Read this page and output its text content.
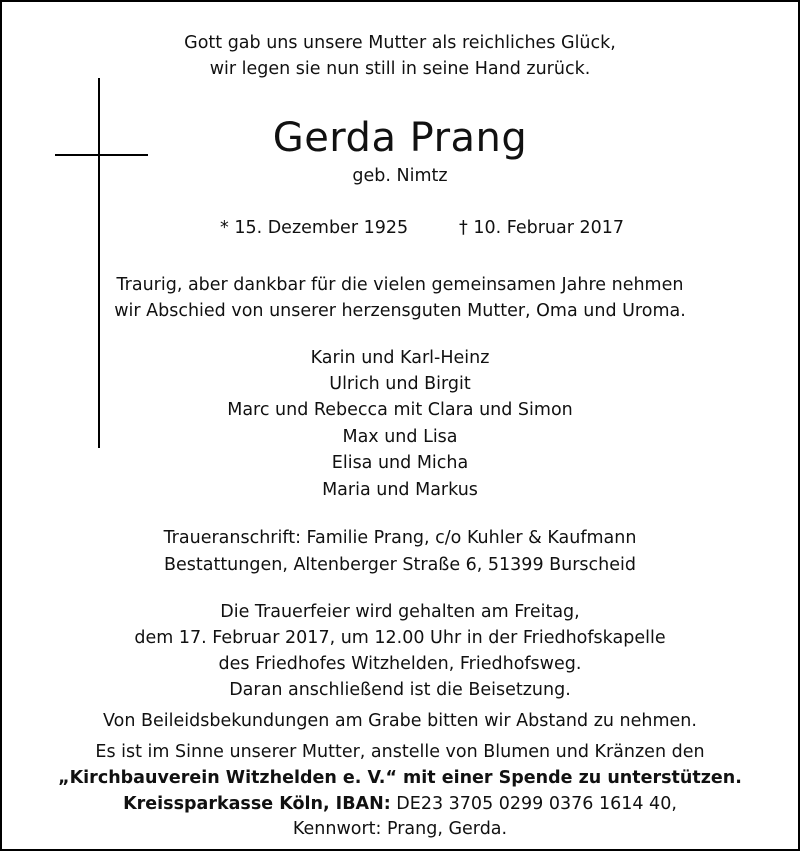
Gott gab uns unsere Mutter als reichliches Glück,
wir legen sie nun still in seine Hand zurück.
Gerda Prang
geb. Nimtz
* 15. Dezember 1925	† 10. Februar 2017
Traurig, aber dankbar für die vielen gemeinsamen Jahre nehmen
wir Abschied von unserer herzensguten Mutter, Oma und Uroma.
Karin und Karl-Heinz
Ulrich und Birgit
Marc und Rebecca mit Clara und Simon
Max und Lisa
Elisa und Micha
Maria und Markus
Traueranschrift: Familie Prang, c/o Kuhler & Kaufmann
Bestattungen, Altenberger Straße 6, 51399 Burscheid
Die Trauerfeier wird gehalten am Freitag,
dem 17. Februar 2017, um 12.00 Uhr in der Friedhofskapelle
des Friedhofes Witzhelden, Friedhofsweg.
Daran anschließend ist die Beisetzung.
Von Beileidsbekundungen am Grabe bitten wir Abstand zu nehmen.
Es ist im Sinne unserer Mutter, anstelle von Blumen und Kränzen den
„Kirchbauverein Witzhelden e. V.“ mit einer Spende zu unterstützen.
Kreissparkasse Köln, IBAN: DE23 3705 0299 0376 1614 40,
Kennwort: Prang, Gerda.
